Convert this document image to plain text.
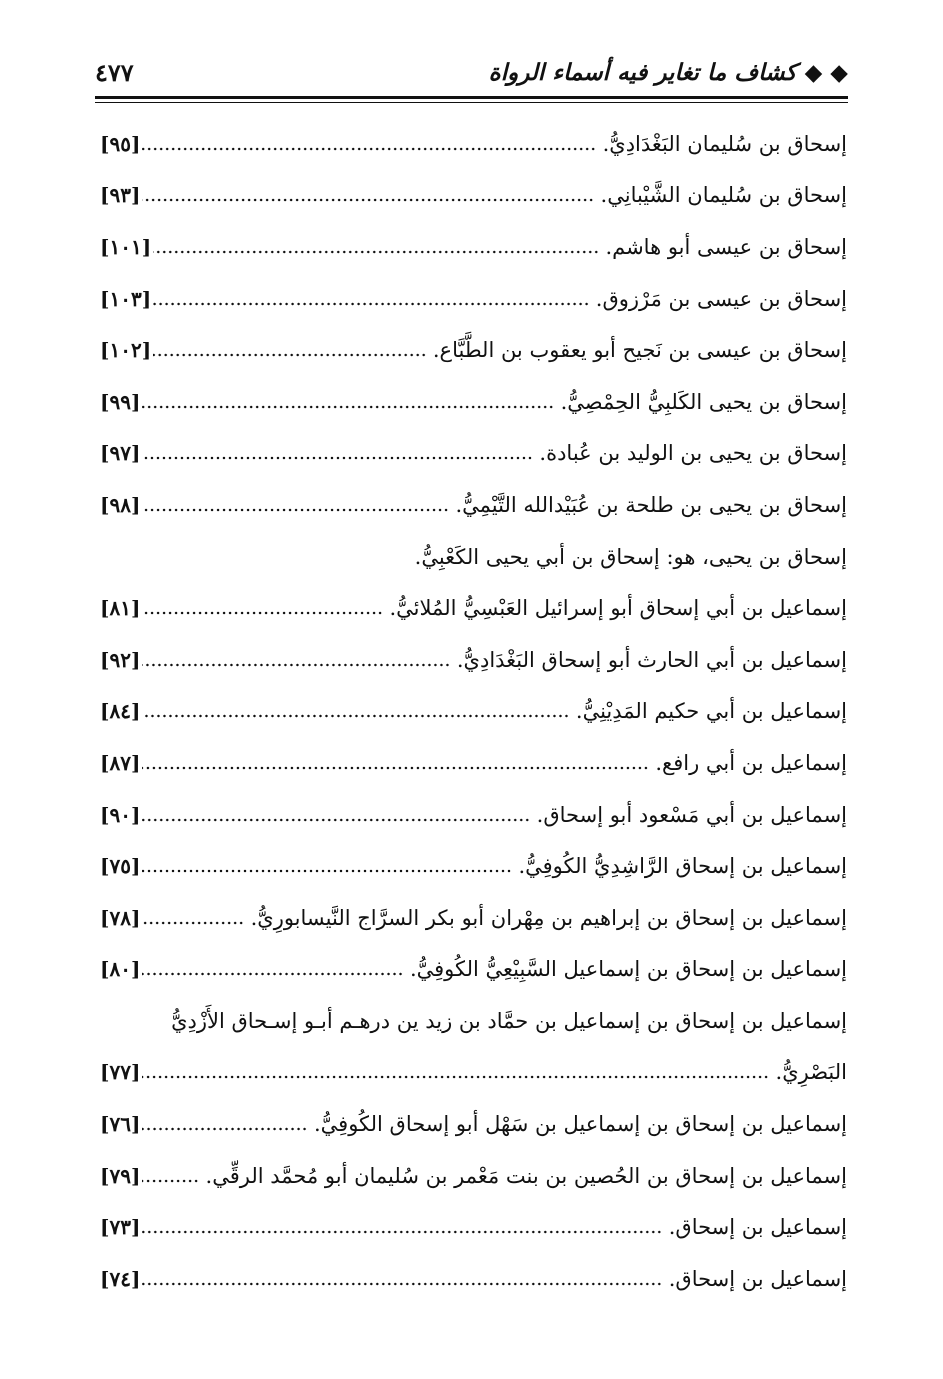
◆ ◆ كشاف ما تغاير فيه أسماء الرواة
٤٧٧
إسحاق بن سُليمان البَغْدَادِيُّ.
[٩٥]
إسحاق بن سُليمان الشَّيْبانِي.
[٩٣]
إسحاق بن عيسى أبو هاشم.
[١٠١]
إسحاق بن عيسى بن مَرْزوق.
[١٠٣]
إسحاق بن عيسى بن نَجيح أبو يعقوب بن الطَّبَّاع.
[١٠٢]
إسحاق بن يحيى الكَلبِيُّ الحِمْصِيُّ.
[٩٩]
إسحاق بن يحيى بن الوليد بن عُبادة.
[٩٧]
إسحاق بن يحيى بن طلحة بن عُبَيْدالله التَّيْمِيُّ.
[٩٨]
إسحاق بن يحيى، هو: إسحاق بن أبي يحيى الكَعْبِيُّ.
إسماعيل بن أبي إسحاق أبو إسرائيل العَبْسِيُّ المُلائيُّ.
[٨١]
إسماعيل بن أبي الحارث أبو إسحاق البَغْدَادِيُّ.
[٩٢]
إسماعيل بن أبي حكيم المَدِيْنِيُّ.
[٨٤]
إسماعيل بن أبي رافع.
[٨٧]
إسماعيل بن أبي مَسْعود أبو إسحاق.
[٩٠]
إسماعيل بن إسحاق الرَّاشِدِيُّ الكُوفِيُّ.
[٧٥]
إسماعيل بن إسحاق بن إبراهيم بن مِهْران أبو بكر السرَّاج النَّيسابورِيُّ.
[٧٨]
إسماعيل بن إسحاق بن إسماعيل السَّبِيْعِيُّ الكُوفِيُّ.
[٨٠]
إسماعيل بن إسحاق بن إسماعيل بن حمَّاد بن زيد ين درهـم أبـو إسـحاق الأَزْدِيُّ
البَصْرِيُّ.
[٧٧]
إسماعيل بن إسحاق بن إسماعيل بن سَهْل أبو إسحاق الكُوفِيُّ.
[٧٦]
إسماعيل بن إسحاق بن الحُصين بن بنت مَعْمر بن سُليمان أبو مُحمَّد الرقِّي.
[٧٩]
إسماعيل بن إسحاق.
[٧٣]
إسماعيل بن إسحاق.
[٧٤]
